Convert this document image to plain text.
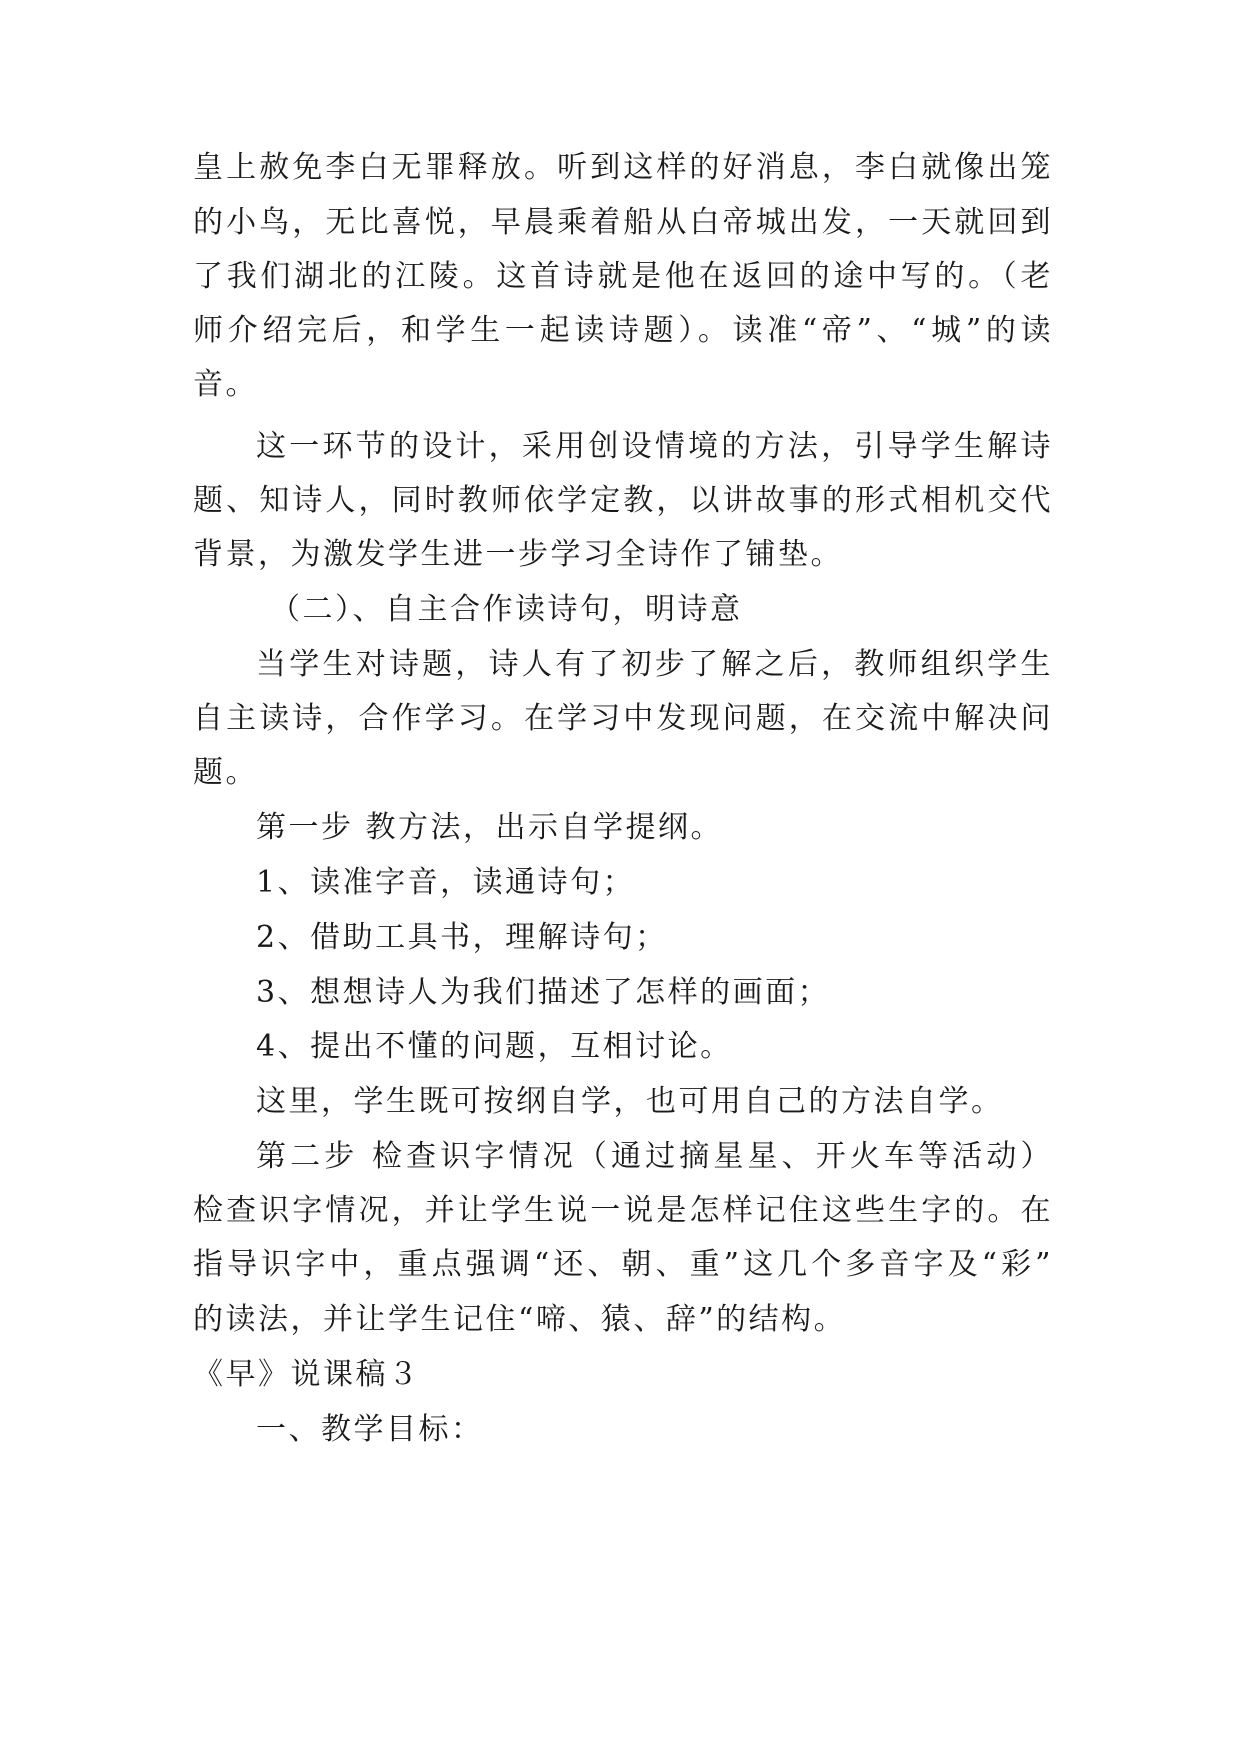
皇上赦免李白无罪释放。听到这样的好消息，李白就像出笼
的小鸟，无比喜悦，早晨乘着船从白帝城出发，一天就回到
了我们湖北的江陵。这首诗就是他在返回的途中写的。（老
师介绍完后，和学生一起读诗题）。读准“帝”、“城”的读
音。
这一环节的设计，采用创设情境的方法，引导学生解诗
题、知诗人，同时教师依学定教，以讲故事的形式相机交代
背景，为激发学生进一步学习全诗作了铺垫。
（二）、自主合作读诗句，明诗意
当学生对诗题，诗人有了初步了解之后，教师组织学生
自主读诗，合作学习。在学习中发现问题，在交流中解决问
题。
第一步 教方法，出示自学提纲。
1、读准字音，读通诗句；
2、借助工具书，理解诗句；
3、想想诗人为我们描述了怎样的画面；
4、提出不懂的问题，互相讨论。
这里，学生既可按纲自学，也可用自己的方法自学。
第二步 检查识字情况（通过摘星星、开火车等活动）
检查识字情况，并让学生说一说是怎样记住这些生字的。在
指导识字中，重点强调“还、朝、重”这几个多音字及“彩”
的读法，并让学生记住“啼、猿、辞”的结构。
《早》说课稿３
一、教学目标：
